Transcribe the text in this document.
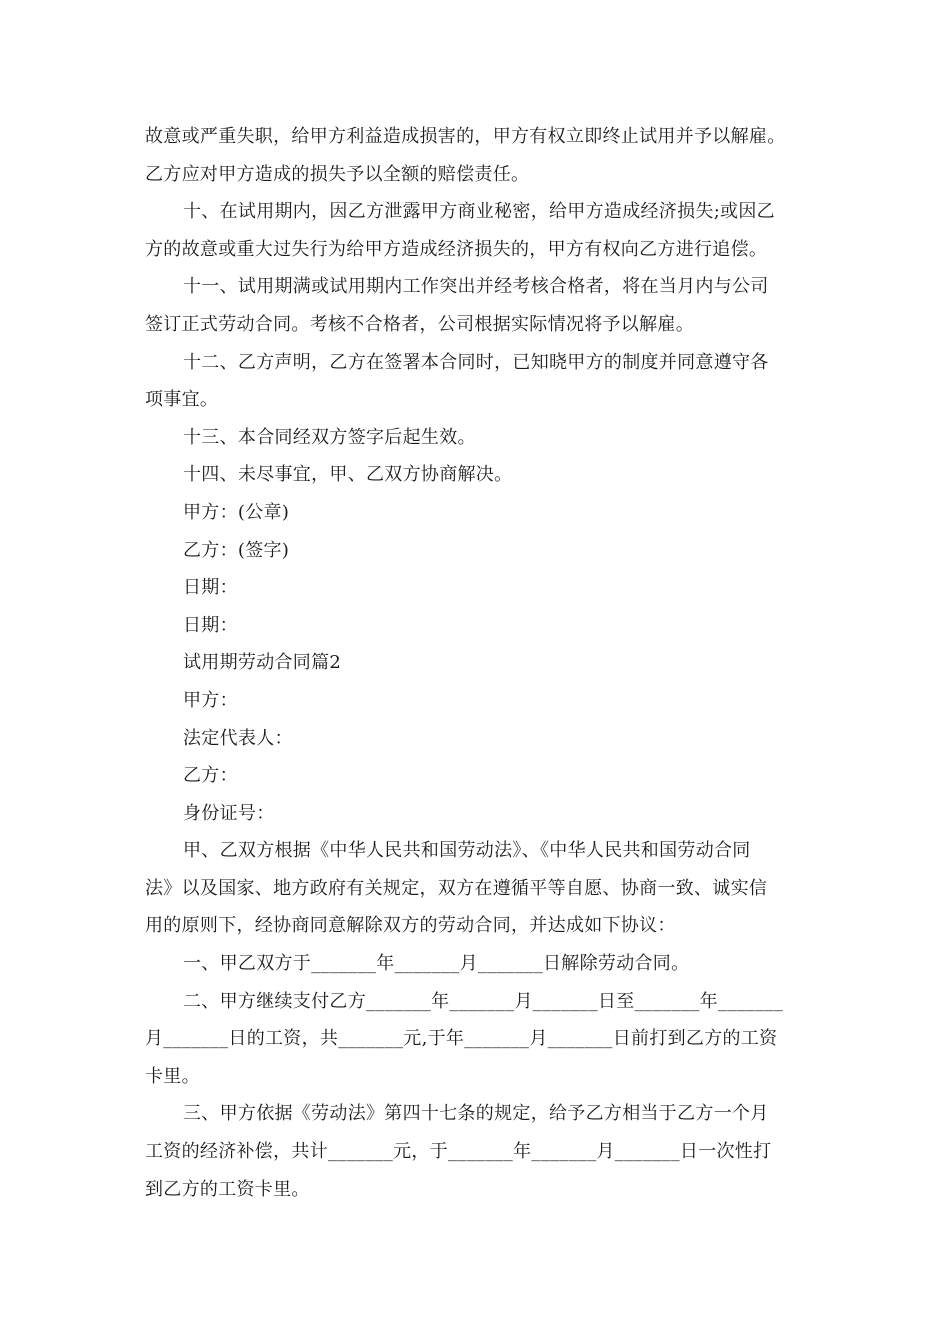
故意或严重失职，给甲方利益造成损害的，甲方有权立即终止试用并予以解雇。
乙方应对甲方造成的损失予以全额的赔偿责任。
十、在试用期内，因乙方泄露甲方商业秘密，给甲方造成经济损失;或因乙
方的故意或重大过失行为给甲方造成经济损失的，甲方有权向乙方进行追偿。
十一、试用期满或试用期内工作突出并经考核合格者，将在当月内与公司
签订正式劳动合同。考核不合格者，公司根据实际情况将予以解雇。
十二、乙方声明，乙方在签署本合同时，已知晓甲方的制度并同意遵守各
项事宜。
十三、本合同经双方签字后起生效。
十四、未尽事宜，甲、乙双方协商解决。
甲方：(公章)
乙方：(签字)
日期：
日期：
试用期劳动合同篇2
甲方：
法定代表人：
乙方：
身份证号：
甲、乙双方根据《中华人民共和国劳动法》、《中华人民共和国劳动合同
法》以及国家、地方政府有关规定，双方在遵循平等自愿、协商一致、诚实信
用的原则下，经协商同意解除双方的劳动合同，并达成如下协议：
一、甲乙双方于_______年_______月_______日解除劳动合同。
二、甲方继续支付乙方_______年_______月_______日至_______年_______
月_______日的工资，共_______元,于年_______月_______日前打到乙方的工资
卡里。
三、甲方依据《劳动法》第四十七条的规定，给予乙方相当于乙方一个月
工资的经济补偿，共计_______元，于_______年_______月_______日一次性打
到乙方的工资卡里。
